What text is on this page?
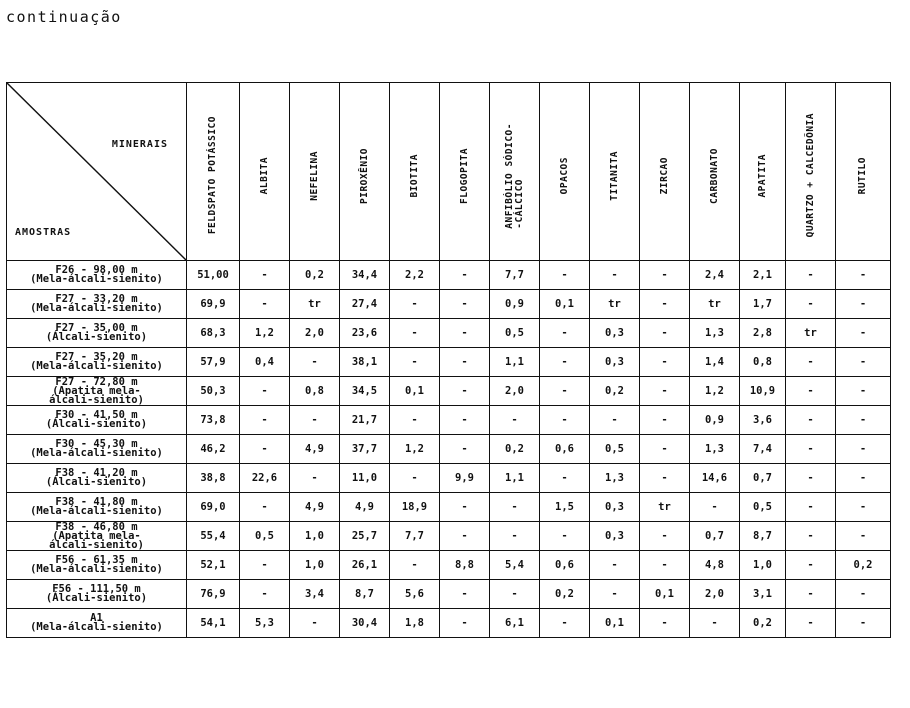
continuação
MINERAIS
AMOSTRAS	FELDSPATO POTÁSSICO	ALBITA	NEFELINA	PIROXÊNIO	BIOTITA	FLOGOPITA	ANFIBÓLIO SÓDICO-
-CÁLCICO	OPACOS	TITANITA	ZIRCÃO	CARBONATO	APATITA	QUARTZO + CALCEDÔNIA	RUTILO
F26 - 98,00 m
(Mela-álcali-sienito)	51,00	-	0,2	34,4	2,2	-	7,7	-	-	-	2,4	2,1	-	-
F27 - 33,20 m
(Mela-álcali-sienito)	69,9	-	tr	27,4	-	-	0,9	0,1	tr	-	tr	1,7	-	-
F27 - 35,00 m
(Álcali-sienito)	68,3	1,2	2,0	23,6	-	-	0,5	-	0,3	-	1,3	2,8	tr	-
F27 - 35,20 m
(Mela-álcali-sienito)	57,9	0,4	-	38,1	-	-	1,1	-	0,3	-	1,4	0,8	-	-
F27 - 72,80 m
(Apatita mela-
álcali-sienito)	50,3	-	0,8	34,5	0,1	-	2,0	-	0,2	-	1,2	10,9	-	-
F30 - 41,50 m
(Álcali-sienito)	73,8	-	-	21,7	-	-	-	-	-	-	0,9	3,6	-	-
F30 - 45,30 m
(Mela-álcali-sienito)	46,2	-	4,9	37,7	1,2	-	0,2	0,6	0,5	-	1,3	7,4	-	-
F38 - 41,20 m
(Álcali-sienito)	38,8	22,6	-	11,0	-	9,9	1,1	-	1,3	-	14,6	0,7	-	-
F38 - 41,80 m
(Mela-álcali-sienito)	69,0	-	4,9	4,9	18,9	-	-	1,5	0,3	tr	-	0,5	-	-
F38 - 46,80 m
(Apatita mela-
álcali-sienito)	55,4	0,5	1,0	25,7	7,7	-	-	-	0,3	-	0,7	8,7	-	-
F56 - 61,35 m
(Mela-álcali-sienito)	52,1	-	1,0	26,1	-	8,8	5,4	0,6	-	-	4,8	1,0	-	0,2
F56 - 111,50 m
(Álcali-sienito)	76,9	-	3,4	8,7	5,6	-	-	0,2	-	0,1	2,0	3,1	-	-
A1
(Mela-álcali-sienito)	54,1	5,3	-	30,4	1,8	-	6,1	-	0,1	-	-	0,2	-	-
